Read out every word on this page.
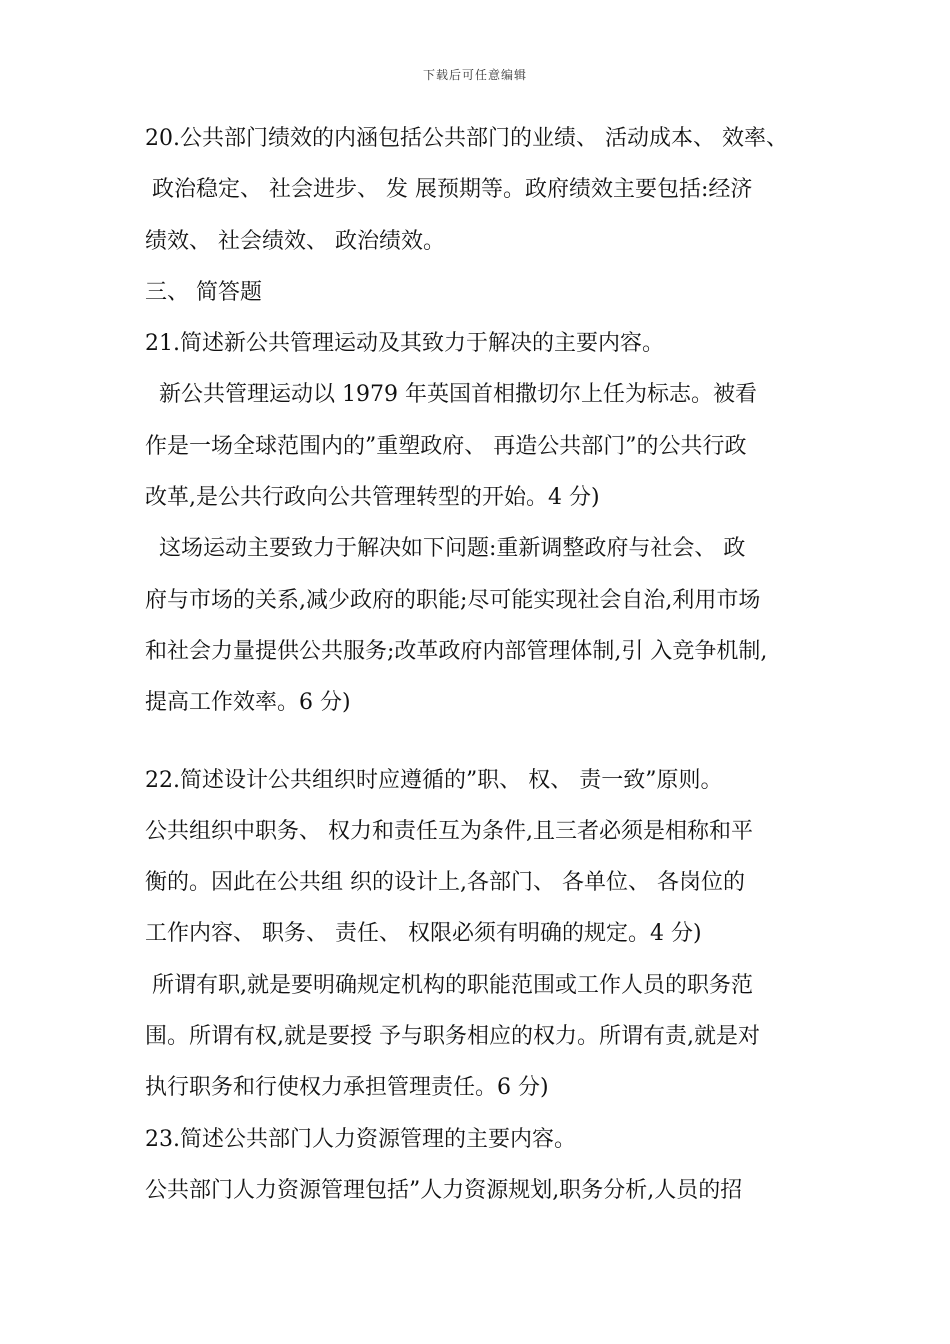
下载后可任意编辑
20.公共部门绩效的内涵包括公共部门的业绩、 活动成本、 效率、
政治稳定、 社会进步、 发 展预期等。政府绩效主要包括:经济
绩效、 社会绩效、 政治绩效。
三、 简答题
21.简述新公共管理运动及其致力于解决的主要内容。
新公共管理运动以 1979 年英国首相撒切尔上任为标志。被看
作是一场全球范围内的”重塑政府、 再造公共部门”的公共行政
改革,是公共行政向公共管理转型的开始。4 分)
这场运动主要致力于解决如下问题:重新调整政府与社会、 政
府与市场的关系,减少政府的职能;尽可能实现社会自治,利用市场
和社会力量提供公共服务;改革政府内部管理体制,引 入竞争机制,
提高工作效率。6 分)
22.简述设计公共组织时应遵循的”职、 权、 责一致”原则。
公共组织中职务、 权力和责任互为条件,且三者必须是相称和平
衡的。因此在公共组 织的设计上,各部门、 各单位、 各岗位的
工作内容、 职务、 责任、 权限必须有明确的规定。4 分)
所谓有职,就是要明确规定机构的职能范围或工作人员的职务范
围。所谓有权,就是要授 予与职务相应的权力。所谓有责,就是对
执行职务和行使权力承担管理责任。6 分)
23.简述公共部门人力资源管理的主要内容。
公共部门人力资源管理包括”人力资源规划,职务分析,人员的招
